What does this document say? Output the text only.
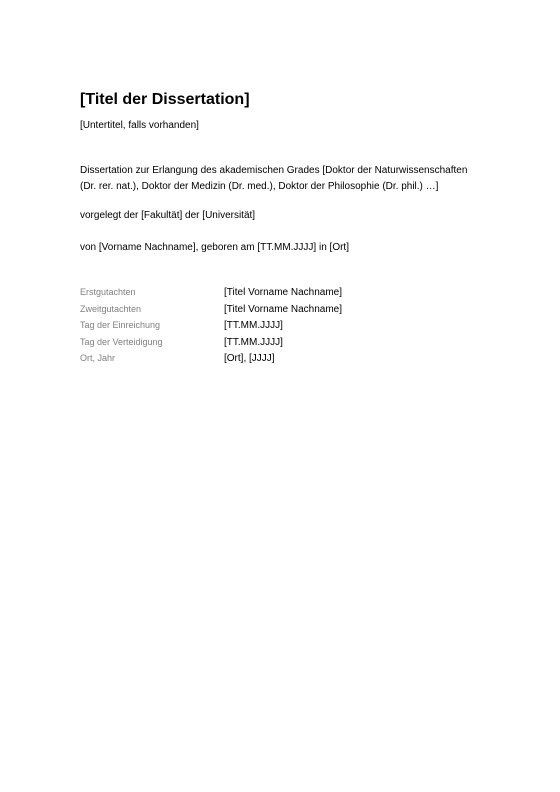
[Titel der Dissertation]
[Untertitel, falls vorhanden]
Dissertation zur Erlangung des akademischen Grades [Doktor der Naturwissenschaften
(Dr. rer. nat.), Doktor der Medizin (Dr. med.), Doktor der Philosophie (Dr. phil.) …]
vorgelegt der [Fakultät] der [Universität]
von [Vorname Nachname], geboren am [TT.MM.JJJJ] in [Ort]
Erstgutachten	[Titel Vorname Nachname]
Zweitgutachten	[Titel Vorname Nachname]
Tag der Einreichung	[TT.MM.JJJJ]
Tag der Verteidigung	[TT.MM.JJJJ]
Ort, Jahr	[Ort], [JJJJ]
